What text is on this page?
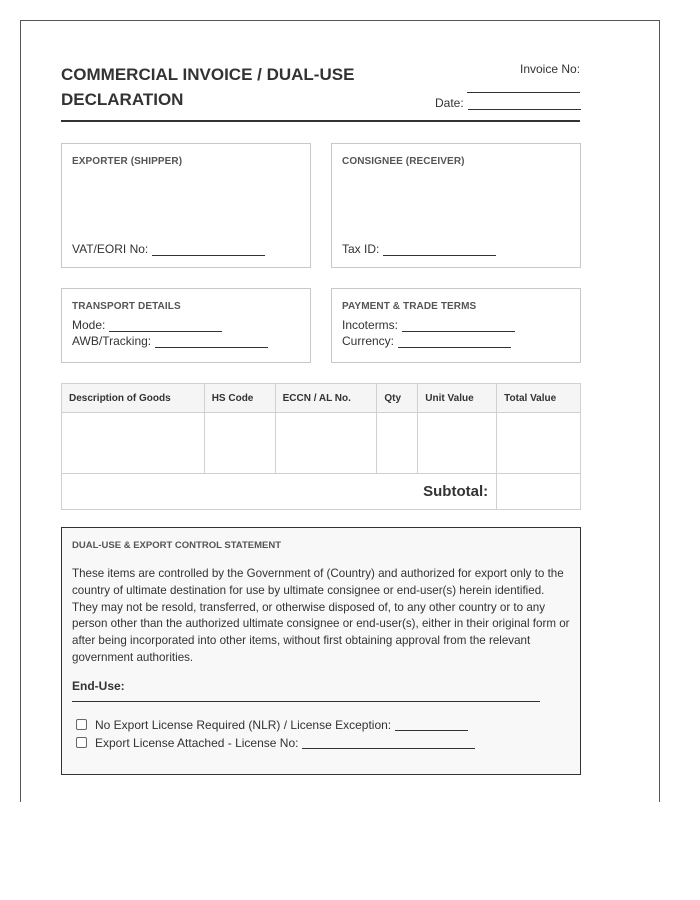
COMMERCIAL INVOICE / DUAL-USE DECLARATION
Invoice No:
Date:
EXPORTER (SHIPPER)
VAT/EORI No:
CONSIGNEE (RECEIVER)
Tax ID:
TRANSPORT DETAILS
Mode:
AWB/Tracking:
PAYMENT & TRADE TERMS
Incoterms:
Currency:
Description of Goods	HS Code	ECCN / AL No.	Qty	Unit Value	Total Value

Subtotal:					
DUAL-USE & EXPORT CONTROL STATEMENT
These items are controlled by the Government of (Country) and authorized for export only to the country of ultimate destination for use by ultimate consignee or end-user(s) herein identified. They may not be resold, transferred, or otherwise disposed of, to any other country or to any person other than the authorized ultimate consignee or end-user(s), either in their original form or after being incorporated into other items, without first obtaining approval from the relevant government authorities.
End-Use:
No Export License Required (NLR) / License Exception:
Export License Attached - License No:
